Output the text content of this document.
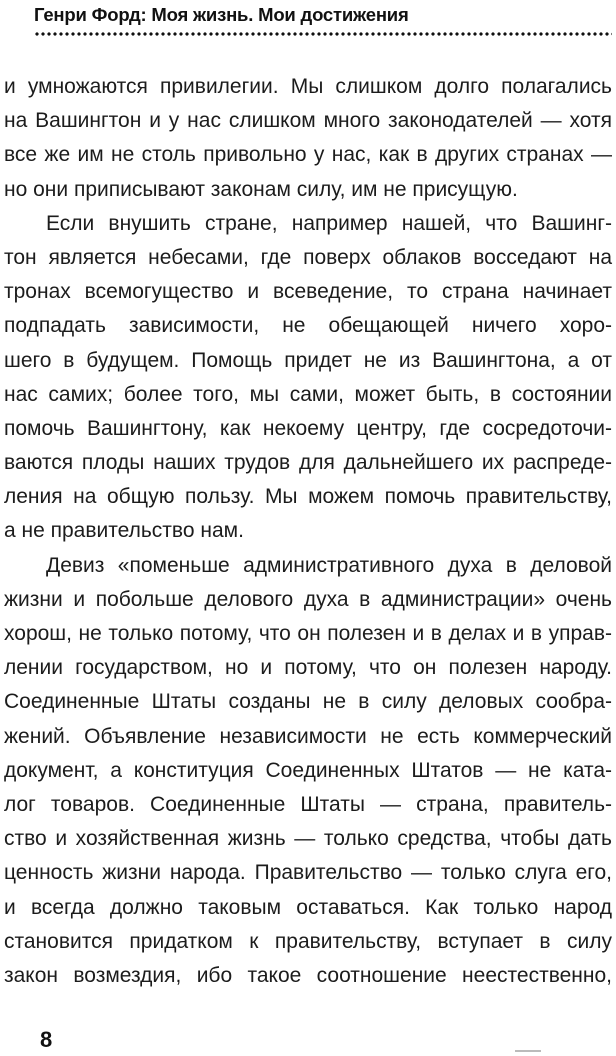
Генри Форд: Моя жизнь. Мои достижения
и умножаются привилегии. Мы слишком долго полагались
на Вашингтон и у нас слишком много законодателей — хотя
все же им не столь привольно у нас, как в других странах —
но они приписывают законам силу, им не присущую.
Если внушить стране, например нашей, что Вашинг-
тон является небесами, где поверх облаков восседают на
тронах всемогущество и всеведение, то страна начинает
подпадать зависимости, не обещающей ничего хоро-
шего в будущем. Помощь придет не из Вашингтона, а от
нас самих; более того, мы сами, может быть, в состоянии
помочь Вашингтону, как некоему центру, где сосредоточи-
ваются плоды наших трудов для дальнейшего их распреде-
ления на общую пользу. Мы можем помочь правительству,
а не правительство нам.
Девиз «поменьше административного духа в деловой
жизни и побольше делового духа в администрации» очень
хорош, не только потому, что он полезен и в делах и в управ-
лении государством, но и потому, что он полезен народу.
Соединенные Штаты созданы не в силу деловых сообра-
жений. Объявление независимости не есть коммерческий
документ, а конституция Соединенных Штатов — не ката-
лог товаров. Соединенные Штаты — страна, правитель-
ство и хозяйственная жизнь — только средства, чтобы дать
ценность жизни народа. Правительство — только слуга его,
и всегда должно таковым оставаться. Как только народ
становится придатком к правительству, вступает в силу
закон возмездия, ибо такое соотношение неестественно,
8
